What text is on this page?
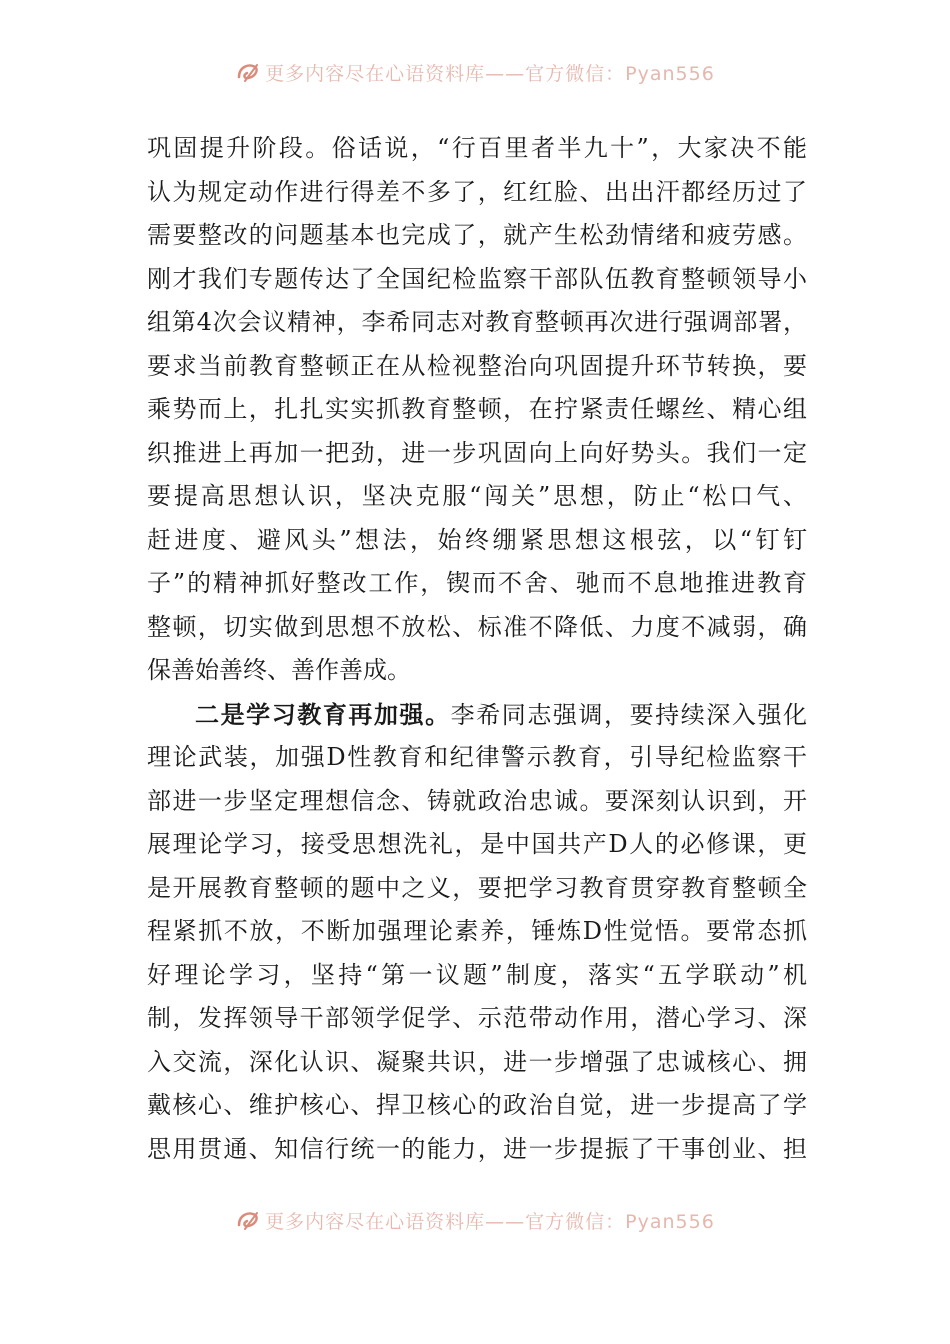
更多内容尽在心语资料库——官方微信：Pyan556
巩固提升阶段。俗话说，“行百里者半九十”，大家决不能
认为规定动作进行得差不多了，红红脸、出出汗都经历过了
需要整改的问题基本也完成了，就产生松劲情绪和疲劳感。
刚才我们专题传达了全国纪检监察干部队伍教育整顿领导小
组第4次会议精神，李希同志对教育整顿再次进行强调部署，
要求当前教育整顿正在从检视整治向巩固提升环节转换，要
乘势而上，扎扎实实抓教育整顿，在拧紧责任螺丝、精心组
织推进上再加一把劲，进一步巩固向上向好势头。我们一定
要提高思想认识，坚决克服“闯关”思想，防止“松口气、
赶进度、避风头”想法，始终绷紧思想这根弦，以“钉钉
子”的精神抓好整改工作，锲而不舍、驰而不息地推进教育
整顿，切实做到思想不放松、标准不降低、力度不减弱，确
保善始善终、善作善成。
二是学习教育再加强。李希同志强调，要持续深入强化
理论武装，加强D性教育和纪律警示教育，引导纪检监察干
部进一步坚定理想信念、铸就政治忠诚。要深刻认识到，开
展理论学习，接受思想洗礼，是中国共产D人的必修课，更
是开展教育整顿的题中之义，要把学习教育贯穿教育整顿全
程紧抓不放，不断加强理论素养，锤炼D性觉悟。要常态抓
好理论学习，坚持“第一议题”制度，落实“五学联动”机
制，发挥领导干部领学促学、示范带动作用，潜心学习、深
入交流，深化认识、凝聚共识，进一步增强了忠诚核心、拥
戴核心、维护核心、捍卫核心的政治自觉，进一步提高了学
思用贯通、知信行统一的能力，进一步提振了干事创业、担
更多内容尽在心语资料库——官方微信：Pyan556
